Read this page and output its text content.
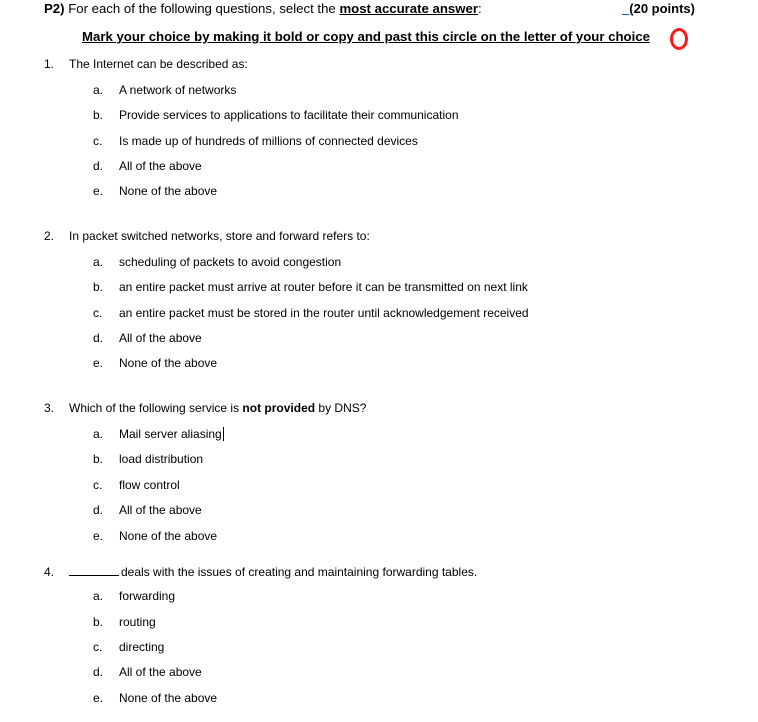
P2) For each of the following questions, select the most accurate answer:	_(20 points)
Mark your choice by making it bold or copy and past this circle on the letter of your choice
1. The Internet can be described as:
a. A network of networks
b. Provide services to applications to facilitate their communication
c. Is made up of hundreds of millions of connected devices
d. All of the above
e. None of the above
2. In packet switched networks, store and forward refers to:
a. scheduling of packets to avoid congestion
b. an entire packet must arrive at router before it can be transmitted on next link
c. an entire packet must be stored in the router until acknowledgement received
d. All of the above
e. None of the above
3. Which of the following service is not provided by DNS?
a. Mail server aliasing
b. load distribution
c. flow control
d. All of the above
e. None of the above
4.	deals with the issues of creating and maintaining forwarding tables.
a. forwarding
b. routing
c. directing
d. All of the above
e. None of the above
